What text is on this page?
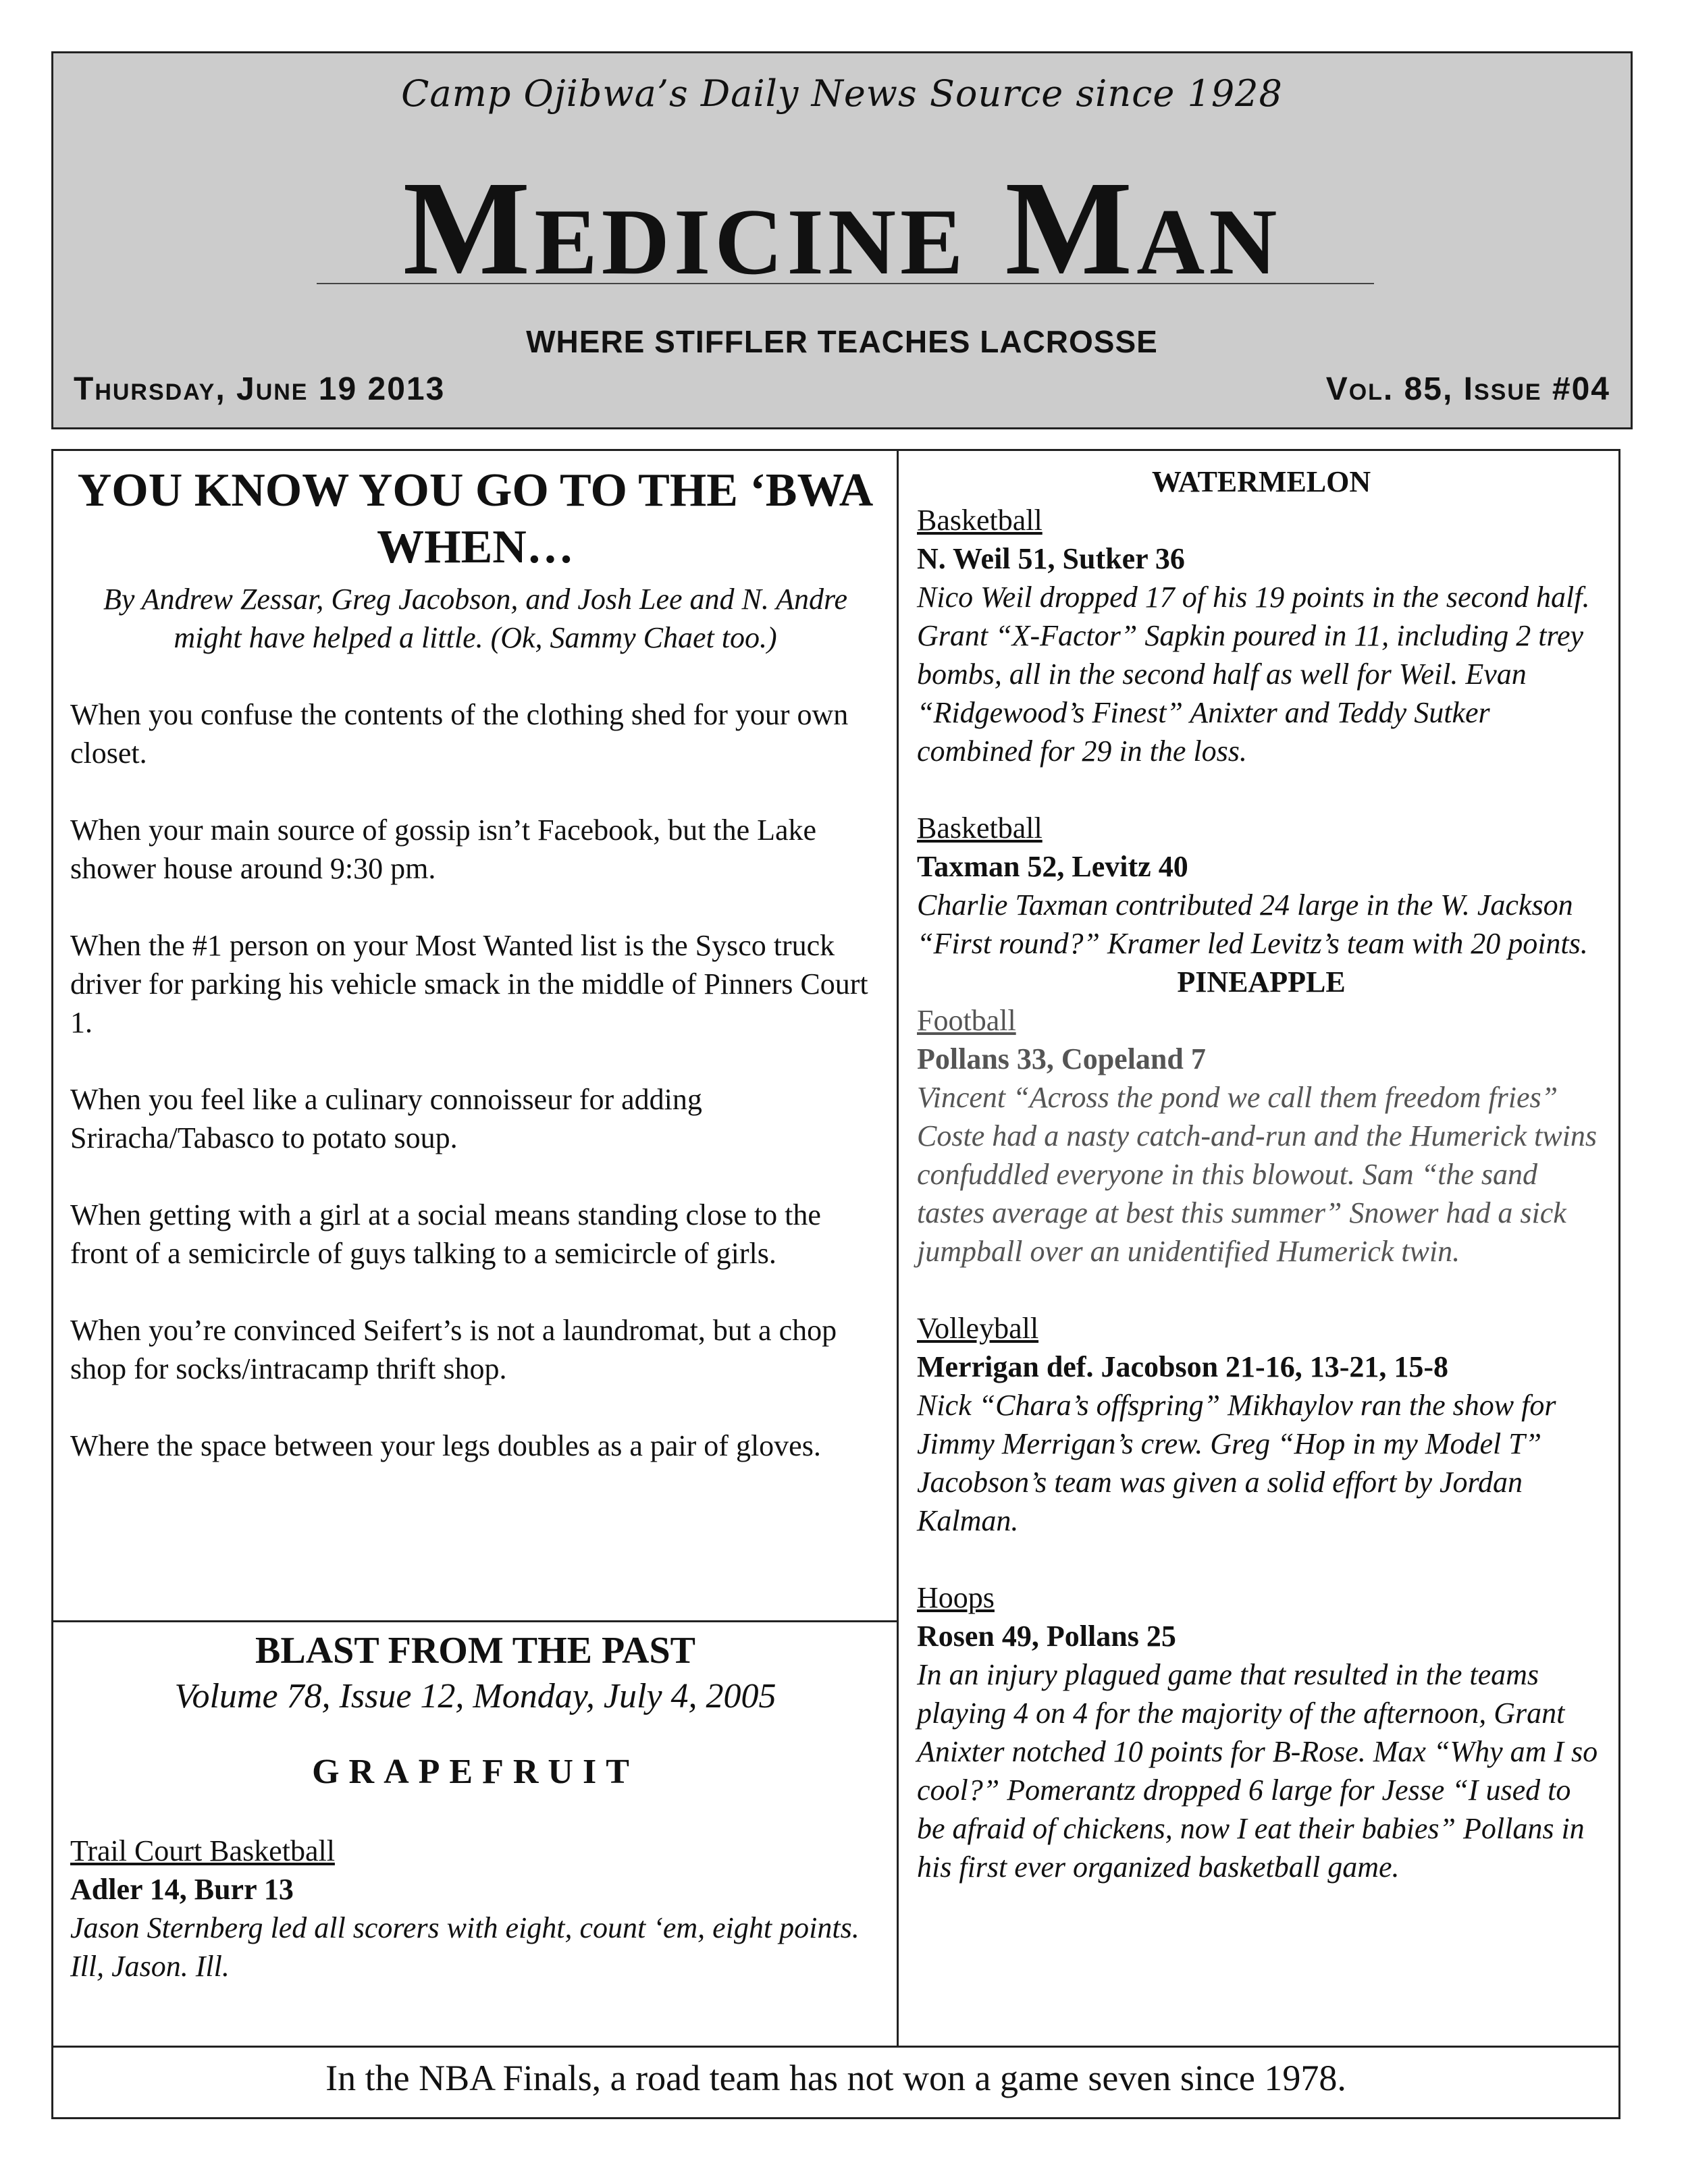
Camp Ojibwa’s Daily News Source since 1928
Medicine Man
WHERE STIFFLER TEACHES LACROSSE
Thursday, June 19 2013	Vol. 85, Issue #04

YOU KNOW YOU GO TO THE ‘BWA WHEN…

By Andrew Zessar, Greg Jacobson, and Josh Lee and N. Andre might have helped a little. (Ok, Sammy Chaet too.)

When you confuse the contents of the clothing shed for your own closet.

When your main source of gossip isn’t Facebook, but the Lake shower house around 9:30 pm.

When the #1 person on your Most Wanted list is the Sysco truck driver for parking his vehicle smack in the middle of Pinners Court 1.

When you feel like a culinary connoisseur for adding Sriracha/Tabasco to potato soup.

When getting with a girl at a social means standing close to the front of a semicircle of guys talking to a semicircle of girls.

When you’re convinced Seifert’s is not a laundromat, but a chop shop for socks/intracamp thrift shop.

Where the space between your legs doubles as a pair of gloves.

BLAST FROM THE PAST

Volume 78, Issue 12, Monday, July 4, 2005

GRAPEFRUIT

Trail Court Basketball

Adler 14, Burr 13

Jason Sternberg led all scorers with eight, count ‘em, eight points. Ill, Jason. Ill.

WATERMELON

Basketball

N. Weil 51, Sutker 36

Nico Weil dropped 17 of his 19 points in the second half. Grant “X-Factor” Sapkin poured in 11, including 2 trey bombs, all in the second half as well for Weil. Evan “Ridgewood’s Finest” Anixter and Teddy Sutker combined for 29 in the loss.

Basketball

Taxman 52, Levitz 40

Charlie Taxman contributed 24 large in the W. Jackson “First round?” Kramer led Levitz’s team with 20 points.

PINEAPPLE

Football

Pollans 33, Copeland 7

Vincent “Across the pond we call them freedom fries” Coste had a nasty catch-and-run and the Humerick twins confuddled everyone in this blowout. Sam “the sand tastes average at best this summer” Snower had a sick jumpball over an unidentified Humerick twin.

Volleyball

Merrigan def. Jacobson 21-16, 13-21, 15-8

Nick “Chara’s offspring” Mikhaylov ran the show for Jimmy Merrigan’s crew. Greg “Hop in my Model T” Jacobson’s team was given a solid effort by Jordan Kalman.

Hoops

Rosen 49, Pollans 25

In an injury plagued game that resulted in the teams playing 4 on 4 for the majority of the afternoon, Grant Anixter notched 10 points for B-Rose. Max “Why am I so cool?” Pomerantz dropped 6 large for Jesse “I used to be afraid of chickens, now I eat their babies” Pollans in his first ever organized basketball game.

In the NBA Finals, a road team has not won a game seven since 1978.
